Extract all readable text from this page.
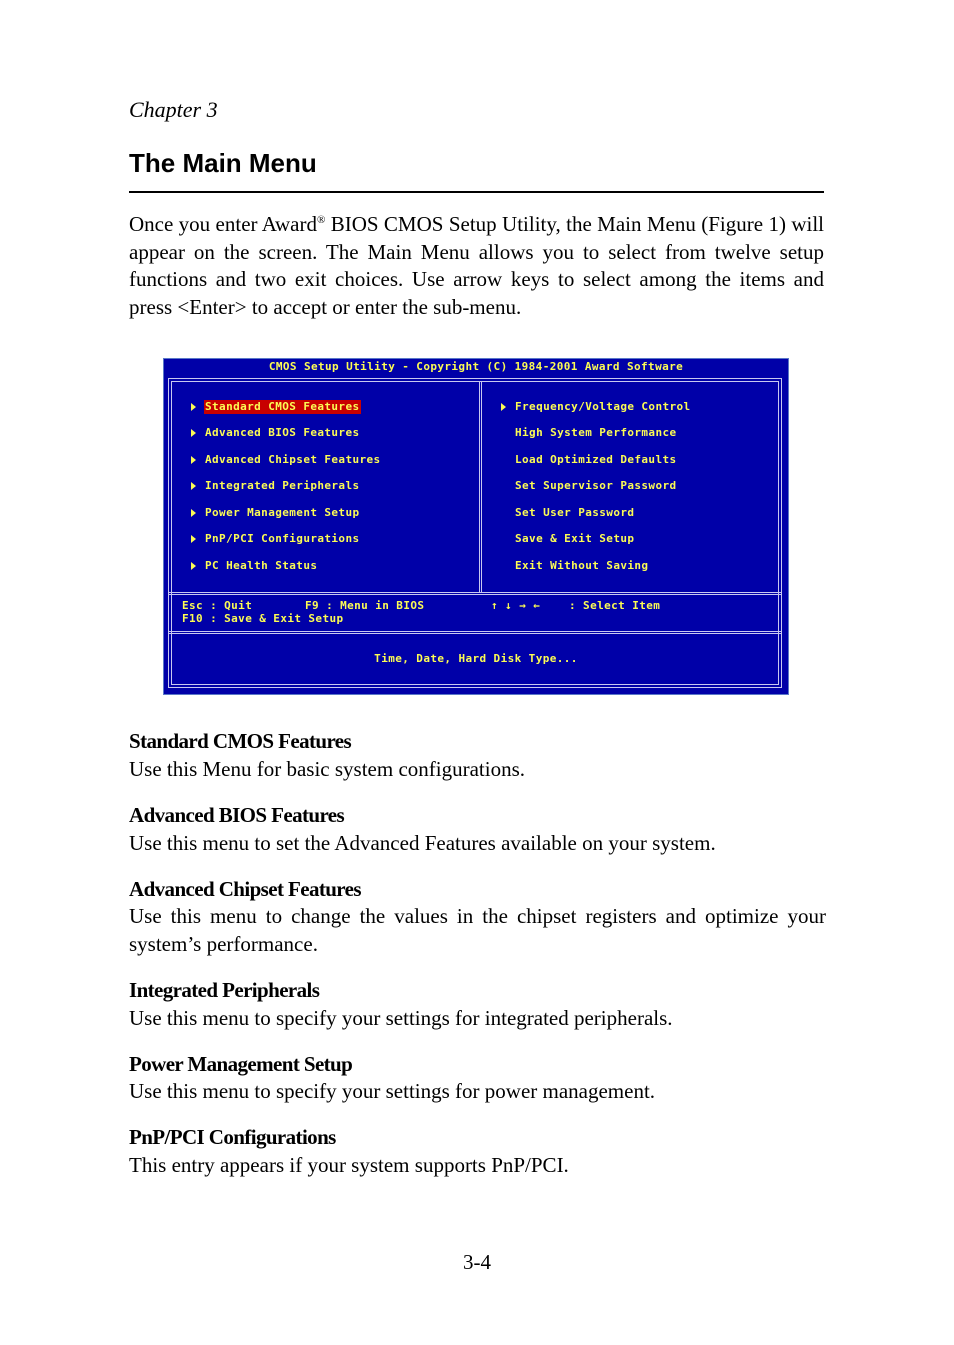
Chapter 3
The Main Menu
Once you enter Award® BIOS CMOS Setup Utility, the Main Menu (Figure 1) will appear on the screen. The Main Menu allows you to select from twelve setup functions and two exit choices. Use arrow keys to select among the items and press <Enter> to accept or enter the sub-menu.
CMOS Setup Utility - Copyright (C) 1984-2001 Award Software

Standard CMOS Features

Advanced BIOS Features

Advanced Chipset Features

Integrated Peripherals

Power Management Setup

PnP/PCI Configurations

PC Health Status

Frequency/Voltage Control

High System Performance

Load Optimized Defaults

Set Supervisor Password

Set User Password

Save & Exit Setup

Exit Without Saving

Esc : Quit

	F9 : Menu in BIOS

	↑ ↓ → ←

	: Select Item

F10 : Save & Exit Setup

Time, Date, Hard Disk Type...
Standard CMOS Features
Use this Menu for basic system configurations.
Advanced BIOS Features
Use this menu to set the Advanced Features available on your system.
Advanced Chipset Features
Use this menu to change the values in the chipset registers and optimize your system’s performance.
Integrated Peripherals
Use this menu to specify your settings for integrated peripherals.
Power Management Setup
Use this menu to specify your settings for power management.
PnP/PCI Configurations
This entry appears if your system supports PnP/PCI.
3-4
